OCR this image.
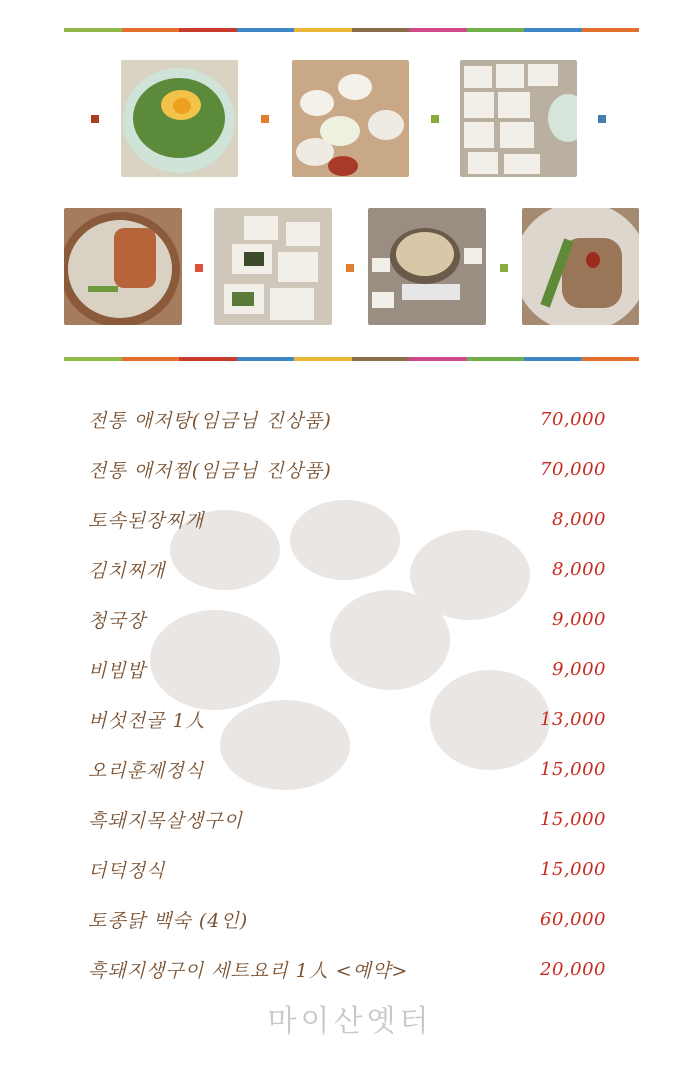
전통 애저탕(임금님 진상품)	70,000
전통 애저찜(임금님 진상품)	70,000
토속된장찌개	8,000
김치찌개	8,000
청국장	9,000
비빔밥	9,000
버섯전골 1人	13,000
오리훈제정식	15,000
흑돼지목살생구이	15,000
더덕정식	15,000
토종닭 백숙 (4인)	60,000
흑돼지생구이 세트요리 1人 <예약>	20,000
마이산옛터
